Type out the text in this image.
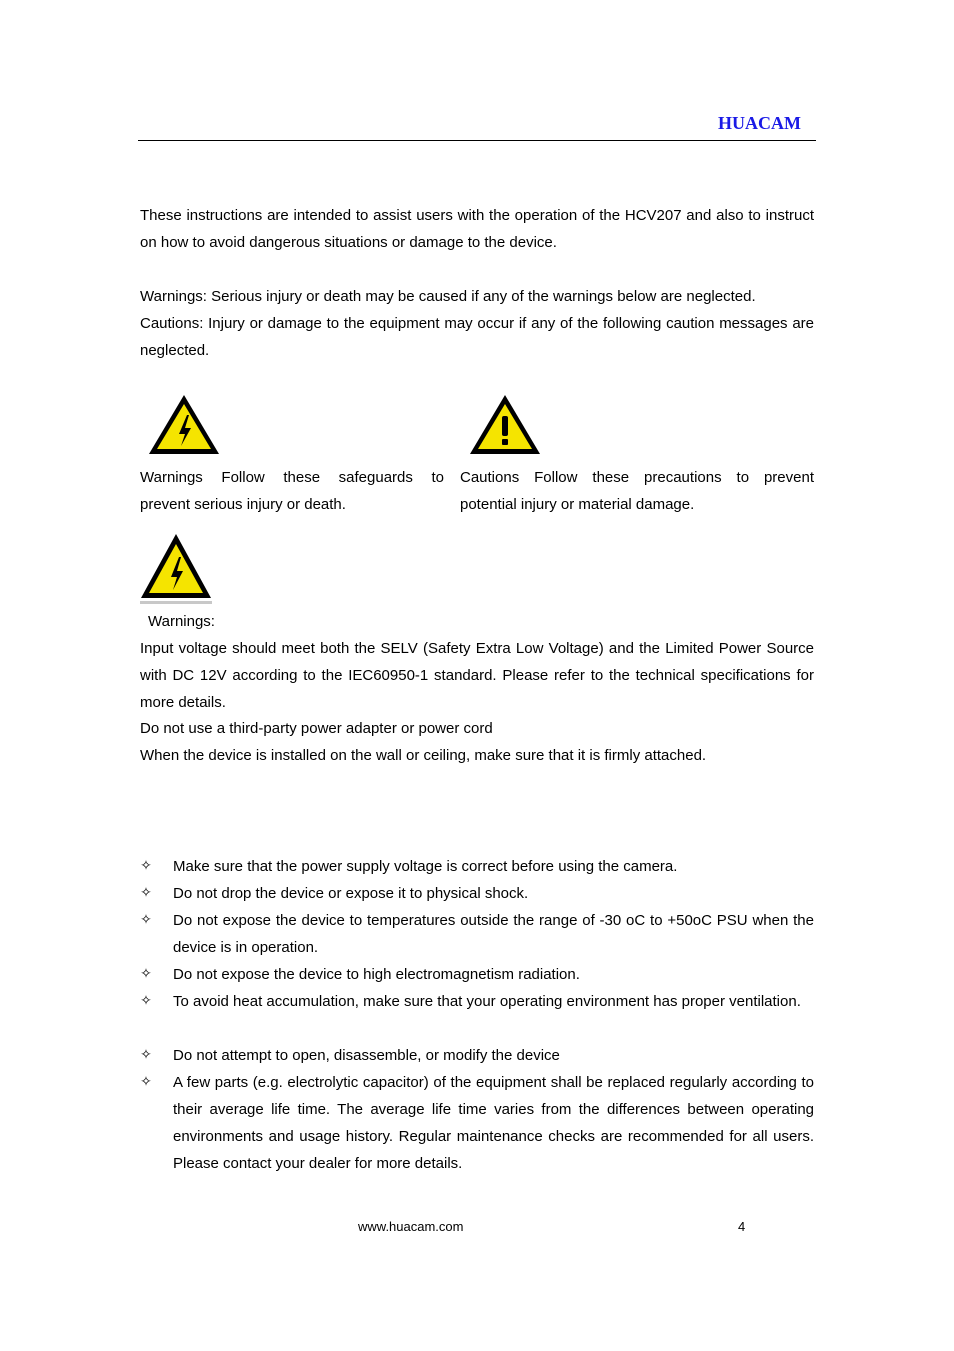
HUACAM

These instructions are intended to assist users with the operation of the HCV207 and also to instruct on how to avoid dangerous situations or damage to the device.

Warnings: Serious injury or death may be caused if any of the warnings below are neglected.

Cautions: Injury or damage to the equipment may occur if any of the following caution messages are neglected.

Warnings Follow these safeguards to
prevent serious injury or death.
Cautions Follow these precautions to prevent
potential injury or material damage.
Warnings:

Input voltage should meet both the SELV (Safety Extra Low Voltage) and the Limited Power Source with DC 12V according to the IEC60950-1 standard. Please refer to the technical specifications for more details.

Do not use a third-party power adapter or power cord
When the device is installed on the wall or ceiling, make sure that it is firmly attached.
✧ Make sure that the power supply voltage is correct before using the camera.

✧ Do not drop the device or expose it to physical shock.

✧ Do not expose the device to temperatures outside the range of -30 oC to +50oC PSU when the device is in operation.

✧ Do not expose the device to high electromagnetism radiation.

✧ To avoid heat accumulation, make sure that your operating environment has proper ventilation.

✧ Do not attempt to open, disassemble, or modify the device

✧ A few parts (e.g. electrolytic capacitor) of the equipment shall be replaced regularly according to their average life time. The average life time varies from the differences between operating environments and usage history. Regular maintenance checks are recommended for all users. Please contact your dealer for more details.

www.huacam.com	4
